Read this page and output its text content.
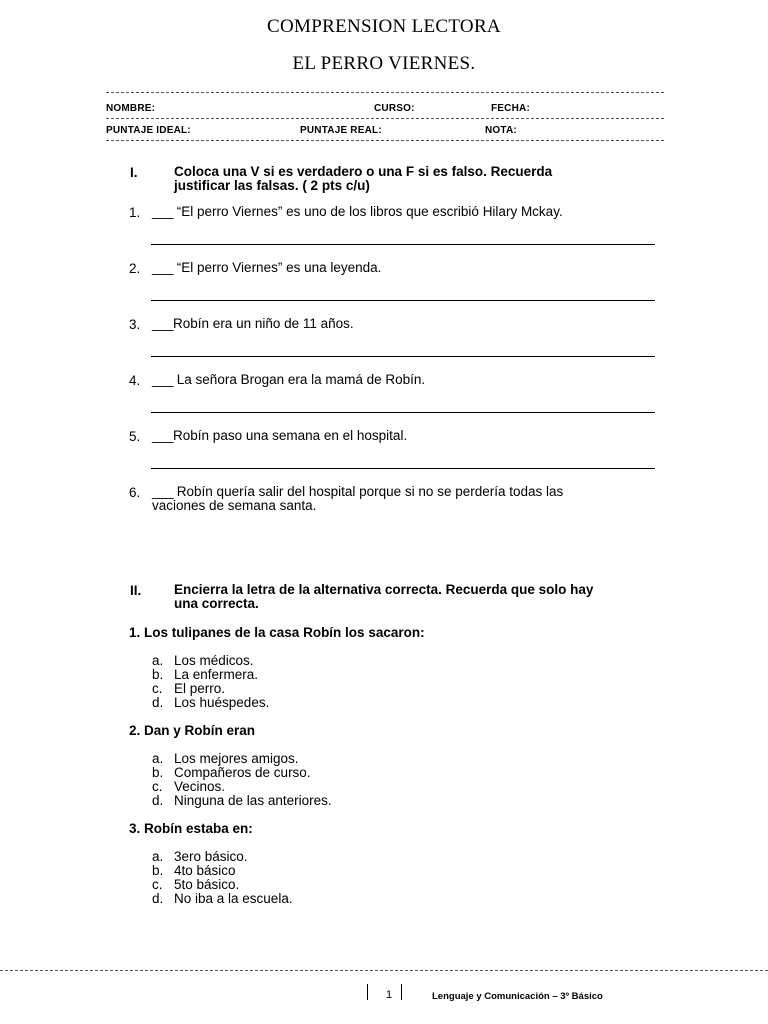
COMPRENSION LECTORA
EL PERRO VIERNES.
NOMBRE:	CURSO:	FECHA:
PUNTAJE IDEAL:	PUNTAJE REAL:	NOTA:
I.	Coloca una V si es verdadero o una F si es falso. Recuerda
justificar las falsas. ( 2 pts c/u)
1. ___ “El perro Viernes” es uno de los libros que escribió Hilary Mckay.
2. ___ “El perro Viernes” es una leyenda.
3. ___Robín era un niño de 11 años.
4. ___ La señora Brogan era la mamá de Robín.
5. ___Robín paso una semana en el hospital.
6. ___ Robín quería salir del hospital porque si no se perdería todas las
vaciones de semana santa.
II. Encierra la letra de la alternativa correcta. Recuerda que solo hay
una correcta.
1. Los tulipanes de la casa Robín los sacaron:
a. Los médicos.
b. La enfermera.
c. El perro.
d. Los huéspedes.
2. Dan y Robín eran
a. Los mejores amigos.
b. Compañeros de curso.
c. Vecinos.
d. Ninguna de las anteriores.
3. Robín estaba en:
a. 3ero básico.
b. 4to básico
c. 5to básico.
d. No iba a la escuela.
1	Lenguaje y Comunicación – 3º Básico
